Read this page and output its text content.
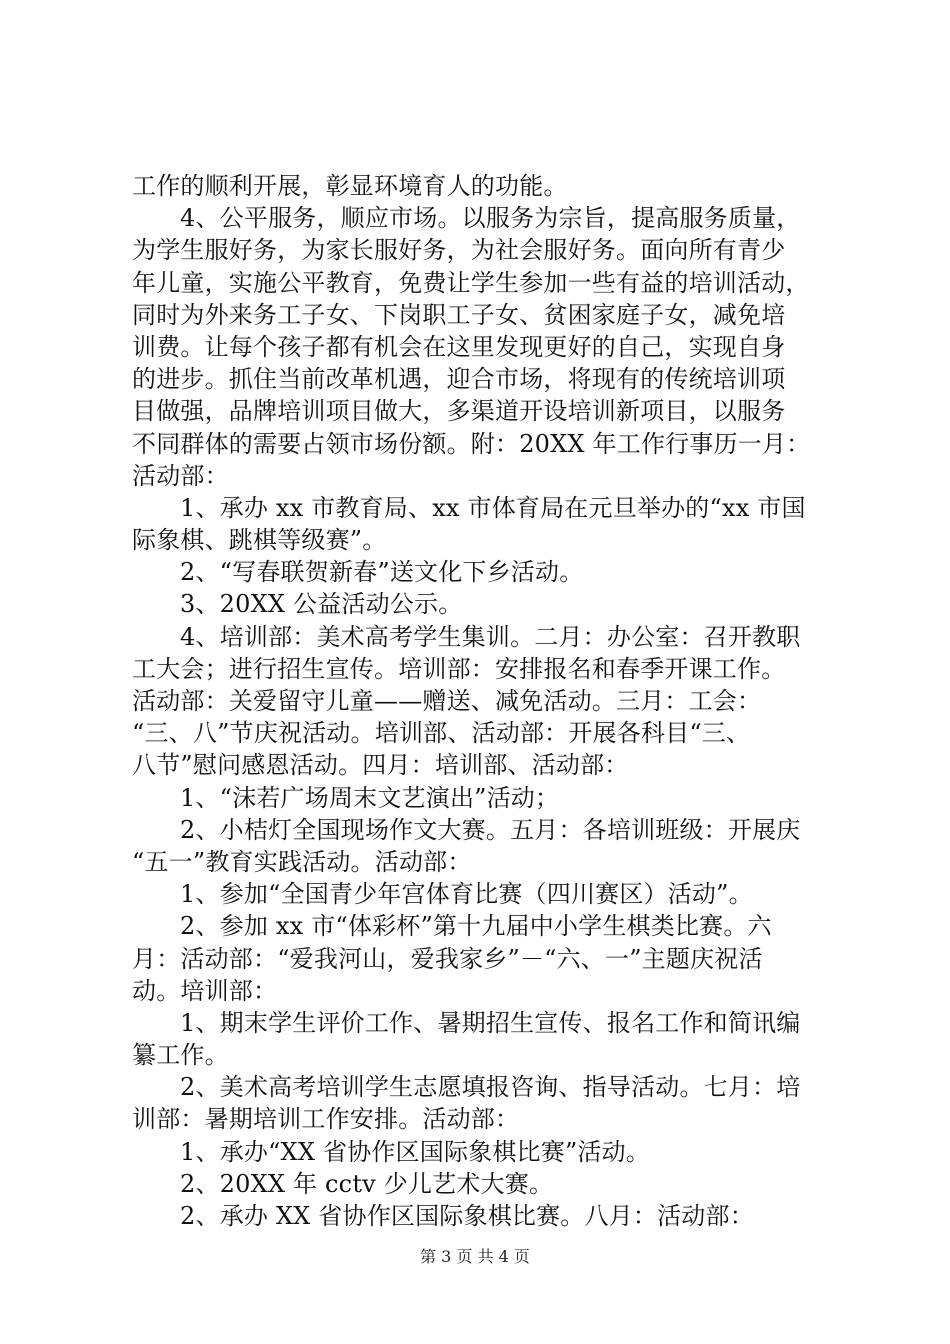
工作的顺利开展，彰显环境育人的功能。
4、公平服务，顺应市场。以服务为宗旨，提高服务质量，
为学生服好务，为家长服好务，为社会服好务。面向所有青少
年儿童，实施公平教育，免费让学生参加一些有益的培训活动，
同时为外来务工子女、下岗职工子女、贫困家庭子女，减免培
训费。让每个孩子都有机会在这里发现更好的自己，实现自身
的进步。抓住当前改革机遇，迎合市场，将现有的传统培训项
目做强，品牌培训项目做大，多渠道开设培训新项目，以服务
不同群体的需要占领市场份额。附：20XX 年工作行事历一月：
活动部：
1、承办 xx 市教育局、xx 市体育局在元旦举办的“xx 市国
际象棋、跳棋等级赛”。
2、“写春联贺新春”送文化下乡活动。
3、20XX 公益活动公示。
4、培训部：美术高考学生集训。二月：办公室：召开教职
工大会；进行招生宣传。培训部：安排报名和春季开课工作。
活动部：关爱留守儿童——赠送、减免活动。三月：工会：
“三、八”节庆祝活动。培训部、活动部：开展各科目“三、
八节”慰问感恩活动。四月：培训部、活动部：
1、“沫若广场周末文艺演出”活动；
2、小桔灯全国现场作文大赛。五月：各培训班级：开展庆
“五一”教育实践活动。活动部：
1、参加“全国青少年宫体育比赛（四川赛区）活动”。
2、参加 xx 市“体彩杯”第十九届中小学生棋类比赛。六
月：活动部：“爱我河山，爱我家乡”－“六、一”主题庆祝活
动。培训部：
1、期末学生评价工作、暑期招生宣传、报名工作和简讯编
纂工作。
2、美术高考培训学生志愿填报咨询、指导活动。七月：培
训部：暑期培训工作安排。活动部：
1、承办“XX 省协作区国际象棋比赛”活动。
2、20XX 年 cctv 少儿艺术大赛。
2、承办 XX 省协作区国际象棋比赛。八月：活动部：
第 3 页 共 4 页
